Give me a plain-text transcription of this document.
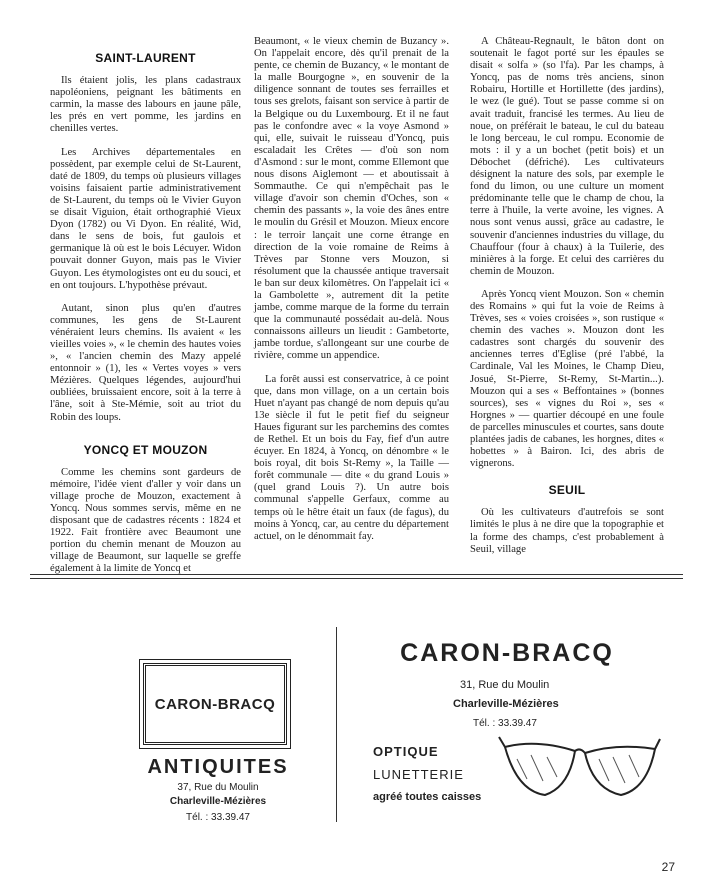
SAINT-LAURENT

Ils étaient jolis, les plans cadastraux napoléoniens, peignant les bâtiments en carmin, la masse des labours en jaune pâle, les prés en vert pomme, les jardins en chenilles vertes.

Les Archives départementales en possèdent, par exemple celui de St-Laurent, daté de 1809, du temps où plusieurs villages voisins faisaient partie administrativement de St-Laurent, du temps où le Vivier Guyon se disait Viguion, était orthographié Vieux Dyon (1782) ou Vi Dyon. En réalité, Wid, dans le sens de bois, fut gaulois et germanique là où est le bois Lécuyer. Widon pouvait donner Guyon, mais pas le Vivier Guyon. Les étymologistes ont eu du souci, et en ont toujours. L'hypothèse prévaut.

Autant, sinon plus qu'en d'autres communes, les gens de St-Laurent vénéraient leurs chemins. Ils avaient « les vieilles voies », « le chemin des hautes voies », « l'ancien chemin des Mazy appelé entonnoir » (1), les « Vertes voyes » vers Mézières. Quelques légendes, aujourd'hui oubliées, bruissaient encore, soit à la terre à l'âne, soit à Ste-Mémie, soit au triot du Robin des loups.

YONCQ ET MOUZON

Comme les chemins sont gardeurs de mémoire, l'idée vient d'aller y voir dans un village proche de Mouzon, exactement à Yoncq. Nous sommes servis, même en ne disposant que de cadastres récents : 1824 et 1922. Fait frontière avec Beaumont une portion du chemin menant de Mouzon au village de Beaumont, sur laquelle se greffe également à la limite de Yoncq et

Beaumont, « le vieux chemin de Buzancy ». On l'appelait encore, dès qu'il prenait de la pente, ce chemin de Buzancy, « le montant de la malle Bourgogne », en souvenir de la diligence sonnant de toutes ses ferrailles et tous ses grelots, faisant son service à partir de la Belgique ou du Luxembourg. Et il ne faut pas le confondre avec « la voye Asmond » qui, elle, suivait le ruisseau d'Yoncq, puis escaladait les Crêtes — d'où son nom d'Asmond : sur le mont, comme Ellemont que nous disons Aiglemont — et aboutissait à Sommauthe. Ce qui n'empêchait pas le village d'avoir son chemin d'Oches, son « chemin des passants », la voie des ânes entre le moulin du Grésil et Mouzon. Mieux encore : le terroir lançait une corne étrange en direction de la voie romaine de Reims à Trèves par Stonne vers Mouzon, si résolument que la chaussée antique traversait le ban sur deux kilomètres. On l'appelait ici « la Gambolette », autrement dit la petite jambe, comme marque de la forme du terrain que la communauté possédait au-delà. Nous connaissons ailleurs un lieudit : Gambetorte, jambe tordue, s'allongeant sur une courbe de rivière, comme un appendice.

La forêt aussi est conservatrice, à ce point que, dans mon village, on a un certain bois Huet n'ayant pas changé de nom depuis qu'au 13e siècle il fut le petit fief du seigneur Haues figurant sur les parchemins des comtes de Rethel. Et un bois du Fay, fief d'un autre écuyer. En 1824, à Yoncq, on dénombre « le bois royal, dit bois St-Remy », la Taille — forêt communale — dite « du grand Louis » (quel grand Louis ?). Un autre bois communal s'appelle Gerfaux, comme au temps où le hêtre était un faux (de fagus), du moins à Yoncq, car, au centre du département actuel, on le dénommait fay.

A Château-Regnault, le bâton dont on soutenait le fagot porté sur les épaules se disait « solfa » (so l'fa). Par les champs, à Yoncq, pas de noms très anciens, sinon Robairu, Hortille et Hortillette (des jardins), le wez (le gué). Tout se passe comme si on avait traduit, francisé les termes. Au lieu de noue, on préférait le bateau, le cul du bateau le long berceau, le cul rompu. Economie de mots : il y a un bochet (petit bois) et un Débochet (défriché). Les cultivateurs désignent la nature des sols, par exemple le fond du limon, ou une culture un moment prédominante telle que le champ de chou, la terre à l'huile, la verte avoine, les vignes. A nous sont venus aussi, grâce au cadastre, le souvenir d'anciennes industries du village, du Chauffour (four à chaux) à la Tuilerie, des minières à la forge. Et celui des carrières du chemin de Mouzon.

Après Yoncq vient Mouzon. Son « chemin des Romains » qui fut la voie de Reims à Trèves, ses « voies croisées », son rustique « chemin des vaches ». Mouzon dont les cadastres sont chargés du souvenir des anciennes terres d'Eglise (pré l'abbé, la Cardinale, Val les Moines, le Champ Dieu, Josué, St-Pierre, St-Remy, St-Martin...). Mouzon qui a ses « Beffontaines » (bonnes sources), ses « vignes du Roi », ses « Horgnes » — quartier découpé en une foule de parcelles minuscules et courtes, sans doute plantées jadis de cabanes, les horgnes, dites « hobettes » à Bairon. Ici, des abris de vignerons.

SEUIL

Où les cultivateurs d'autrefois se sont limités le plus à ne dire que la topographie et la forme des champs, c'est probablement à Seuil, village

CARON-BRACQ
ANTIQUITES
37, Rue du Moulin
Charleville-Mézières
Tél. : 33.39.47
CARON-BRACQ
31, Rue du Moulin
Charleville-Mézières
Tél. : 33.39.47
OPTIQUE
LUNETTERIE
agréé toutes caisses
27
